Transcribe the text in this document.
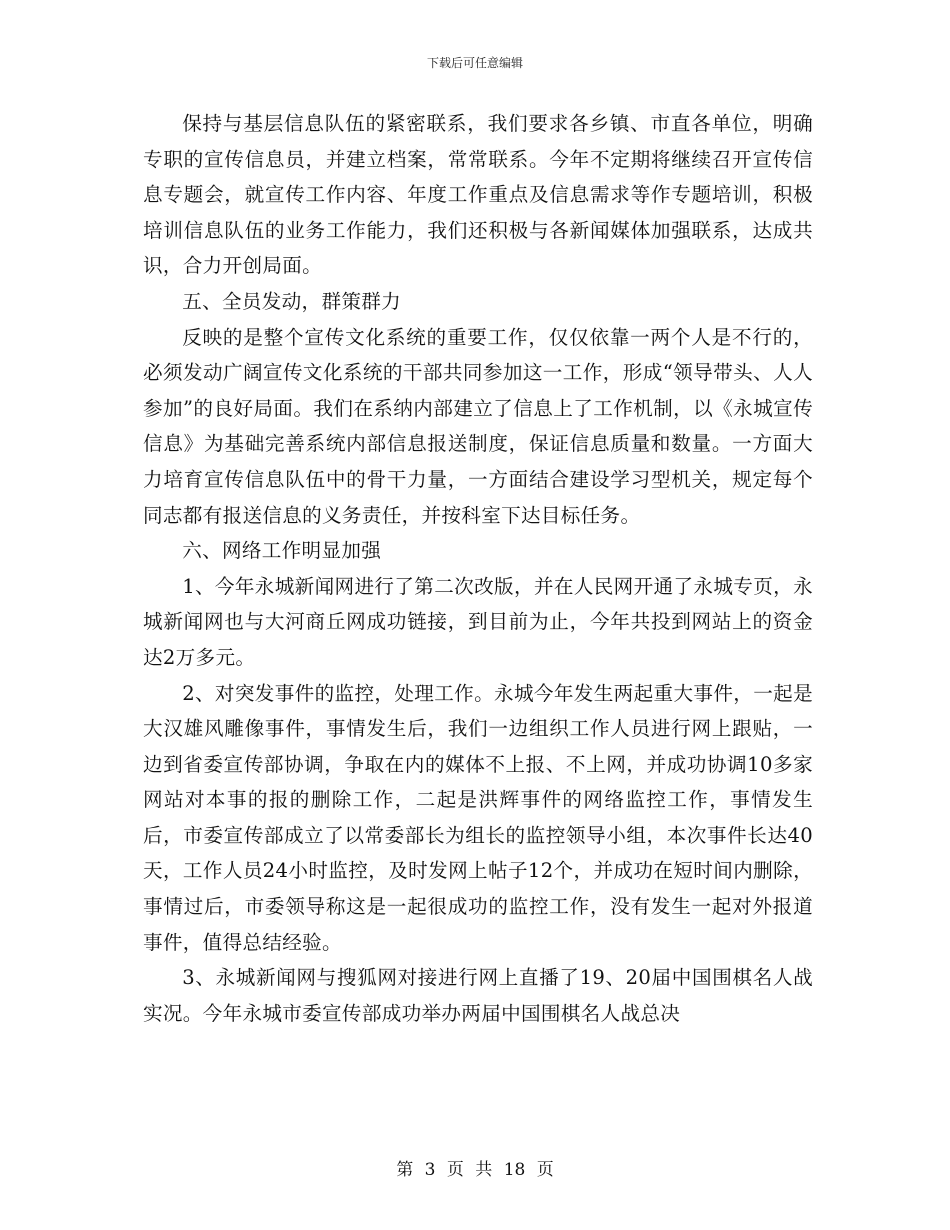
下载后可任意编辑

保持与基层信息队伍的紧密联系，我们要求各乡镇、市直各单位，明确专职的宣传信息员，并建立档案，常常联系。今年不定期将继续召开宣传信息专题会，就宣传工作内容、年度工作重点及信息需求等作专题培训，积极培训信息队伍的业务工作能力，我们还积极与各新闻媒体加强联系，达成共识，合力开创局面。

五、全员发动，群策群力

反映的是整个宣传文化系统的重要工作，仅仅依靠一两个人是不行的，必须发动广阔宣传文化系统的干部共同参加这一工作，形成“领导带头、人人参加”的良好局面。我们在系纳内部建立了信息上了工作机制，以《永城宣传信息》为基础完善系统内部信息报送制度，保证信息质量和数量。一方面大力培育宣传信息队伍中的骨干力量，一方面结合建设学习型机关，规定每个同志都有报送信息的义务责任，并按科室下达目标任务。

六、网络工作明显加强

1、今年永城新闻网进行了第二次改版，并在人民网开通了永城专页，永城新闻网也与大河商丘网成功链接，到目前为止，今年共投到网站上的资金达2万多元。

2、对突发事件的监控，处理工作。永城今年发生两起重大事件，一起是大汉雄风雕像事件，事情发生后，我们一边组织工作人员进行网上跟贴，一边到省委宣传部协调，争取在内的媒体不上报、不上网，并成功协调10多家网站对本事的报的删除工作，二起是洪辉事件的网络监控工作，事情发生后，市委宣传部成立了以常委部长为组长的监控领导小组，本次事件长达40天，工作人员24小时监控，及时发网上帖子12个，并成功在短时间内删除，事情过后，市委领导称这是一起很成功的监控工作，没有发生一起对外报道事件，值得总结经验。

3、永城新闻网与搜狐网对接进行网上直播了19、20届中国围棋名人战实况。今年永城市委宣传部成功举办两届中国围棋名人战总决

第 3 页 共 18 页
